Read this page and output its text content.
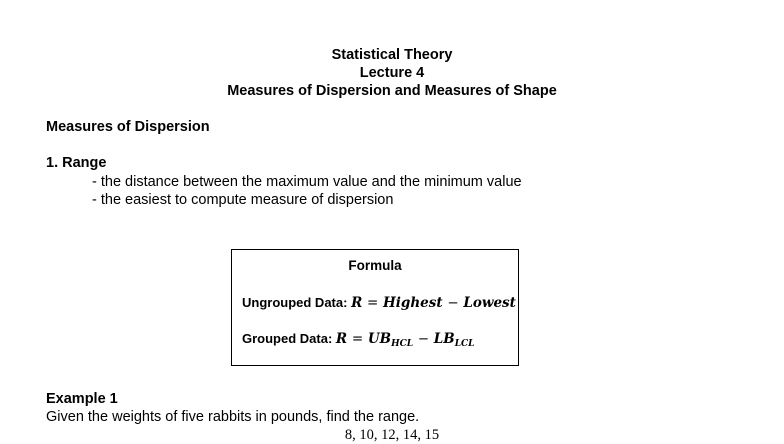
Statistical Theory
Lecture 4
Measures of Dispersion and Measures of Shape
Measures of Dispersion
1. Range
- the distance between the maximum value and the minimum value
- the easiest to compute measure of dispersion
Formula
Ungrouped Data: R = Highest − Lowest
Grouped Data: $R = UB_{HCL} - LB_{LCL}$
Example 1
Given the weights of five rabbits in pounds, find the range.
8, 10, 12, 14, 15
